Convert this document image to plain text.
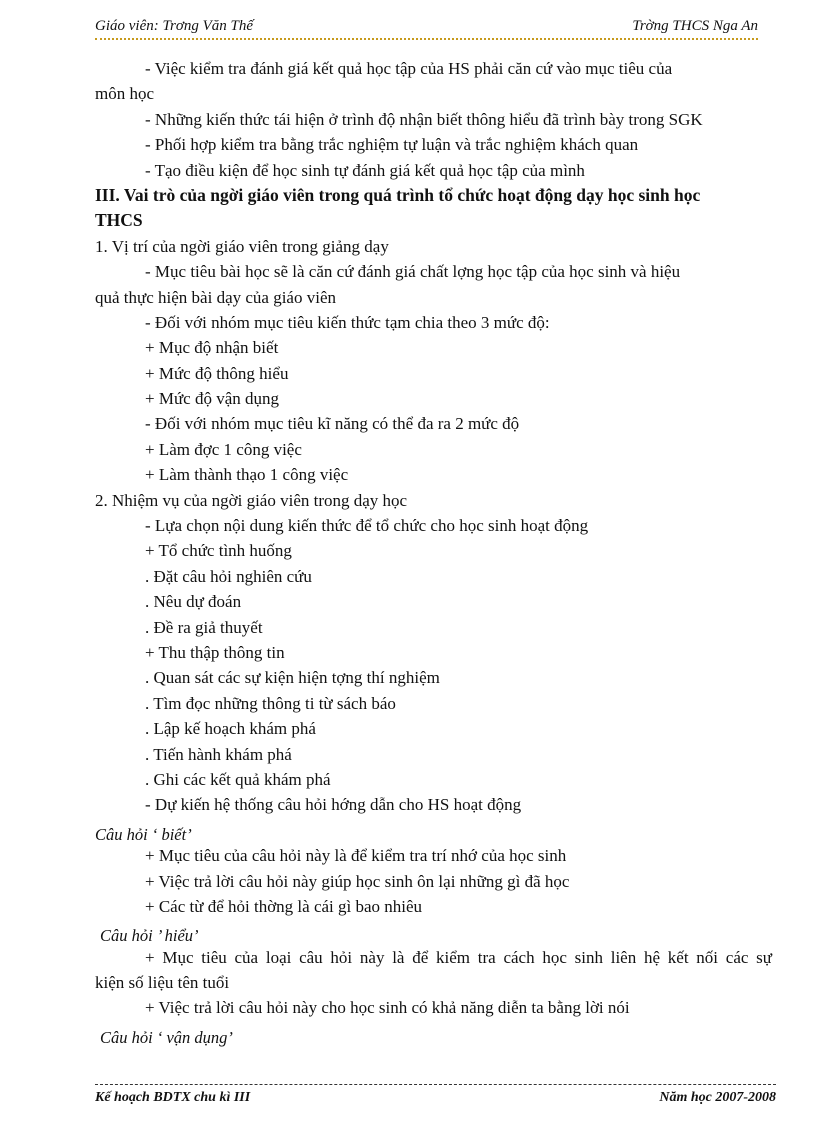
Giáo viên: Trơng Văn Thế	Trờng THCS Nga An
- Việc kiểm tra đánh giá kết quả học tập của HS phải căn cứ vào mục tiêu của
môn học
- Những kiến thức tái hiện ở trình độ nhận biết thông hiểu đã trình bày trong SGK
- Phối hợp kiểm tra bằng trắc nghiệm tự luận và trắc nghiệm khách quan
- Tạo điều kiện để học sinh tự đánh giá kết quả học tập của mình
III. Vai trò của ngời giáo viên trong quá trình tổ chức hoạt động dạy học sinh học
THCS
1. Vị trí của ngời giáo viên trong giảng dạy
- Mục tiêu bài học sẽ là căn cứ đánh giá chất lợng học tập của học sinh và hiệu
quả thực hiện bài dạy của giáo viên
- Đối với nhóm mục tiêu kiến thức tạm chia theo 3 mức độ:
+ Mục độ nhận biết
+ Mức độ thông hiểu
+ Mức độ vận dụng
- Đối với nhóm mục tiêu kĩ năng có thể đa ra 2 mức độ
+ Làm đợc 1 công việc
+ Làm thành thạo 1 công việc
2. Nhiệm vụ của ngời giáo viên trong dạy học
- Lựa chọn nội dung kiến thức để tổ chức cho học sinh hoạt động
+ Tổ chức tình huống
. Đặt câu hỏi nghiên cứu
. Nêu dự đoán
. Đề ra giả thuyết
+ Thu thập thông tin
. Quan sát các sự kiện hiện tợng thí nghiệm
. Tìm đọc những thông ti từ sách báo
. Lập kế hoạch khám phá
. Tiến hành khám phá
. Ghi các kết quả khám phá
- Dự kiến hệ thống câu hỏi hớng dẫn cho HS hoạt động
Câu hỏi ‘ biết’
+ Mục tiêu của câu hỏi này là để kiểm tra trí nhớ của học sinh
+ Việc trả lời câu hỏi này giúp học sinh ôn lại những gì đã học
+ Các từ để hỏi thờng là cái gì bao nhiêu
Câu hỏi ’ hiểu’
+ Mục tiêu của loại câu hỏi này là để kiểm tra cách học sinh liên hệ kết nối các sự
kiện số liệu tên tuổi
+ Việc trả lời câu hỏi này cho học sinh có khả năng diễn ta bằng lời nói
Câu hỏi ‘ vận dụng’
Kế hoạch BDTX chu kì III	Năm học 2007-2008
